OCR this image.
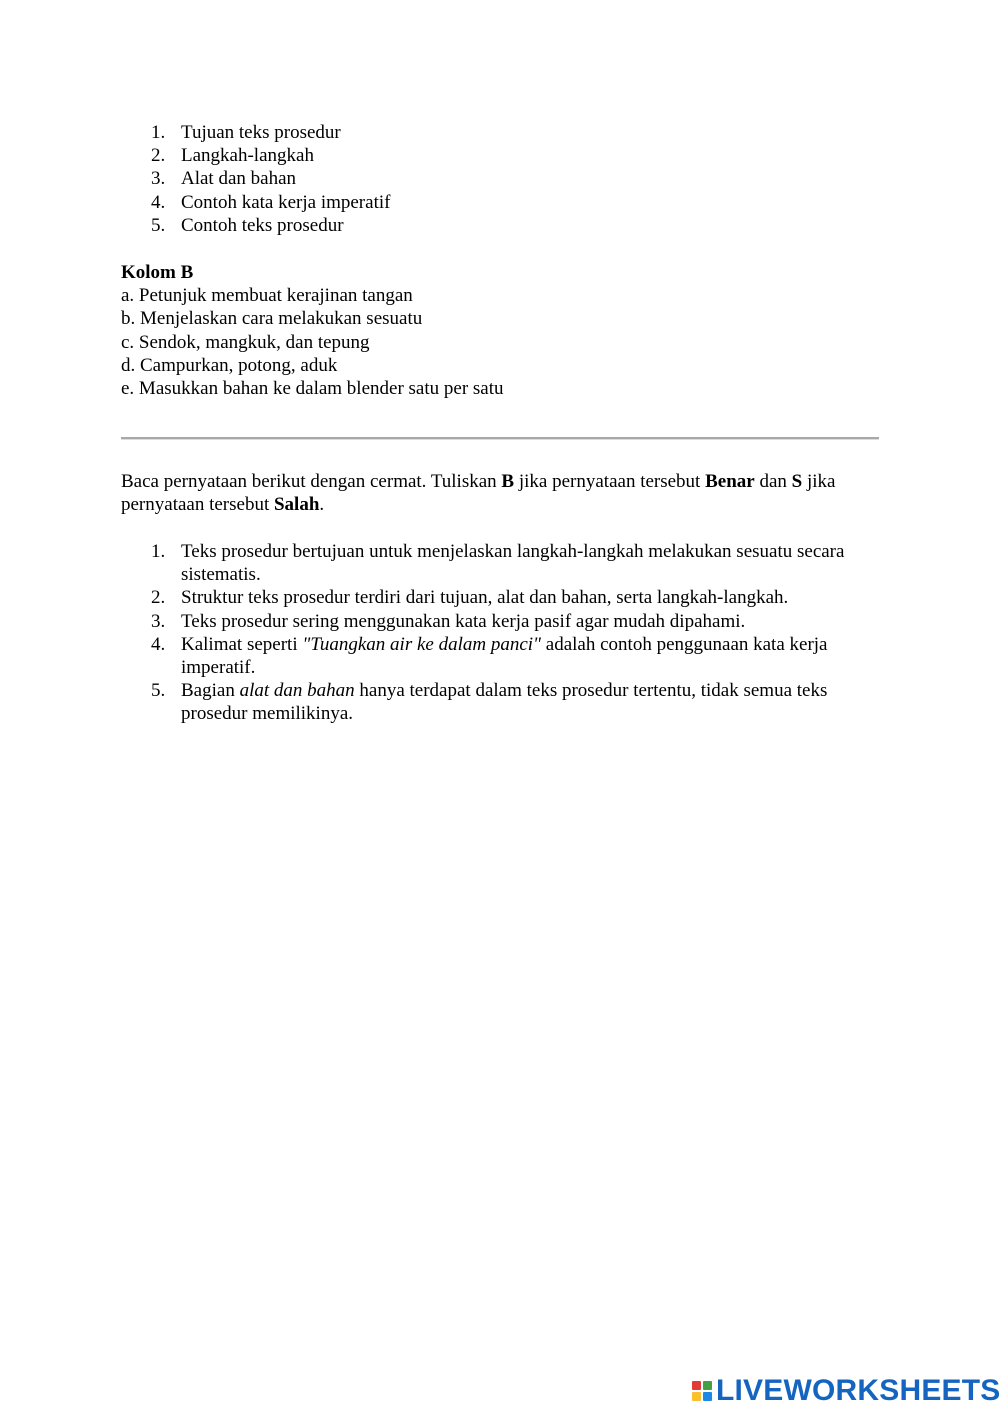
1. Tujuan teks prosedur
2. Langkah-langkah
3. Alat dan bahan
4. Contoh kata kerja imperatif
5. Contoh teks prosedur
Kolom B
a. Petunjuk membuat kerajinan tangan
b. Menjelaskan cara melakukan sesuatu
c. Sendok, mangkuk, dan tepung
d. Campurkan, potong, aduk
e. Masukkan bahan ke dalam blender satu per satu

Baca pernyataan berikut dengan cermat. Tuliskan B jika pernyataan tersebut Benar dan S jika pernyataan tersebut Salah.

1. Teks prosedur bertujuan untuk menjelaskan langkah-langkah melakukan sesuatu secara sistematis.
2. Struktur teks prosedur terdiri dari tujuan, alat dan bahan, serta langkah-langkah.
3. Teks prosedur sering menggunakan kata kerja pasif agar mudah dipahami.
4. Kalimat seperti "Tuangkan air ke dalam panci" adalah contoh penggunaan kata kerja imperatif.
5. Bagian alat dan bahan hanya terdapat dalam teks prosedur tertentu, tidak semua teks prosedur memilikinya.
LIVEWORKSHEETS
